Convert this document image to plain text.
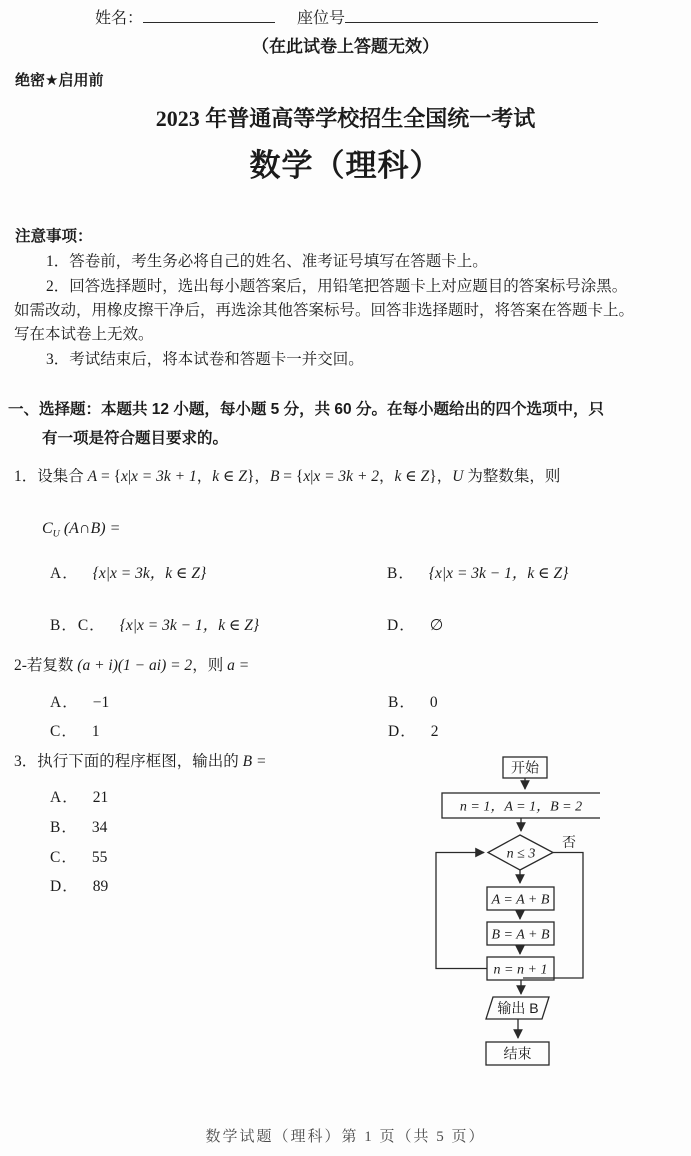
姓名：	座位号
（在此试卷上答题无效）
绝密★启用前
2023 年普通高等学校招生全国统一考试
数学（理科）
注意事项：
1．答卷前，考生务必将自己的姓名、准考证号填写在答题卡上。
2．回答选择题时，选出每小题答案后，用铅笔把答题卡上对应题目的答案标号涂黑。
如需改动，用橡皮擦干净后，再选涂其他答案标号。回答非选择题时，将答案在答题卡上。
写在本试卷上无效。
3．考试结束后，将本试卷和答题卡一并交回。
一、选择题：本题共 12 小题，每小题 5 分，共 60 分。在每小题给出的四个选项中，只
有一项是符合题目要求的。
1．设集合 A = {x|x = 3k + 1，k ∈ Z}，B = {x|x = 3k + 2，k ∈ Z}，U 为整数集，则
$C_U$ (A∩B) =
A． {x|x = 3k，k ∈ Z}	B． {x|x = 3k − 1，k ∈ Z}
B．C． {x|x = 3k − 1，k ∈ Z}	D． ∅
2-若复数 (a + i)(1 − ai) = 2，则 a =
A． −1	B． 0
C． 1	D． 2
3．执行下面的程序框图，输出的 B =
A． 21
B． 34
C． 55
D． 89
开始
n = 1，A = 1，B = 2
n ≤ 3
否
A = A + B
B = A + B
n = n + 1
输出 B
结束
数学试题（理科）第 1 页（共 5 页）
